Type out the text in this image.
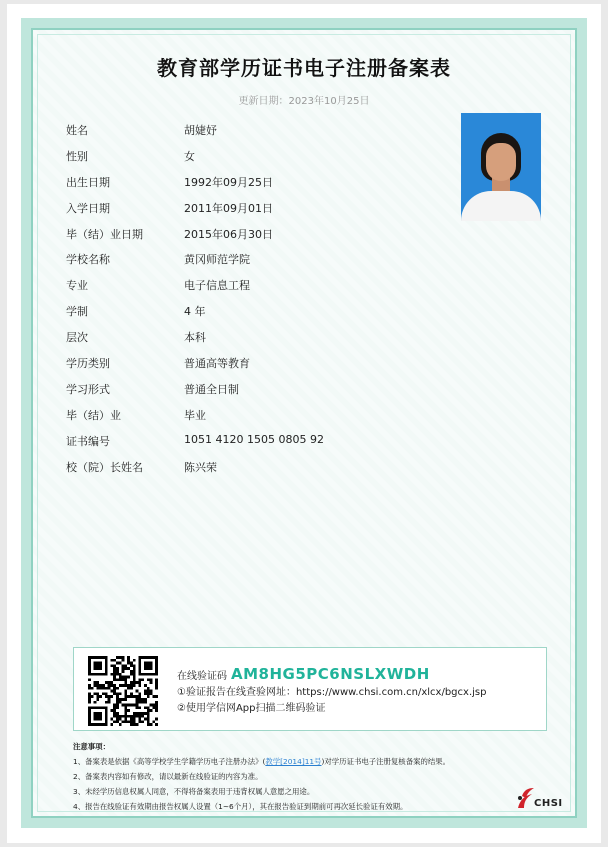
教育部学历证书电子注册备案表
更新日期：2023年10月25日
姓名	胡婕妤
性别	女
出生日期	1992年09月25日
入学日期	2011年09月01日
毕（结）业日期	2015年06月30日
学校名称	黄冈师范学院
专业	电子信息工程
学制	4 年
层次	本科
学历类别	普通高等教育
学习形式	普通全日制
毕（结）业	毕业
证书编号	1051 4120 1505 0805 92
校（院）长姓名	陈兴荣
在线验证码 AM8HG5PC6NSLXWDH
①验证报告在线查验网址：https://www.chsi.com.cn/xlcx/bgcx.jsp
②使用学信网App扫描二维码验证
注意事项：
1、备案表是依据《高等学校学生学籍学历电子注册办法》(教学[2014]11号)对学历证书电子注册复核备案的结果。
2、备案表内容如有修改，请以最新在线验证的内容为准。
3、未经学历信息权属人同意，不得将备案表用于违背权属人意愿之用途。
4、报告在线验证有效期由报告权属人设置（1~6个月），其在报告验证到期前可再次延长验证有效期。	CHSI
